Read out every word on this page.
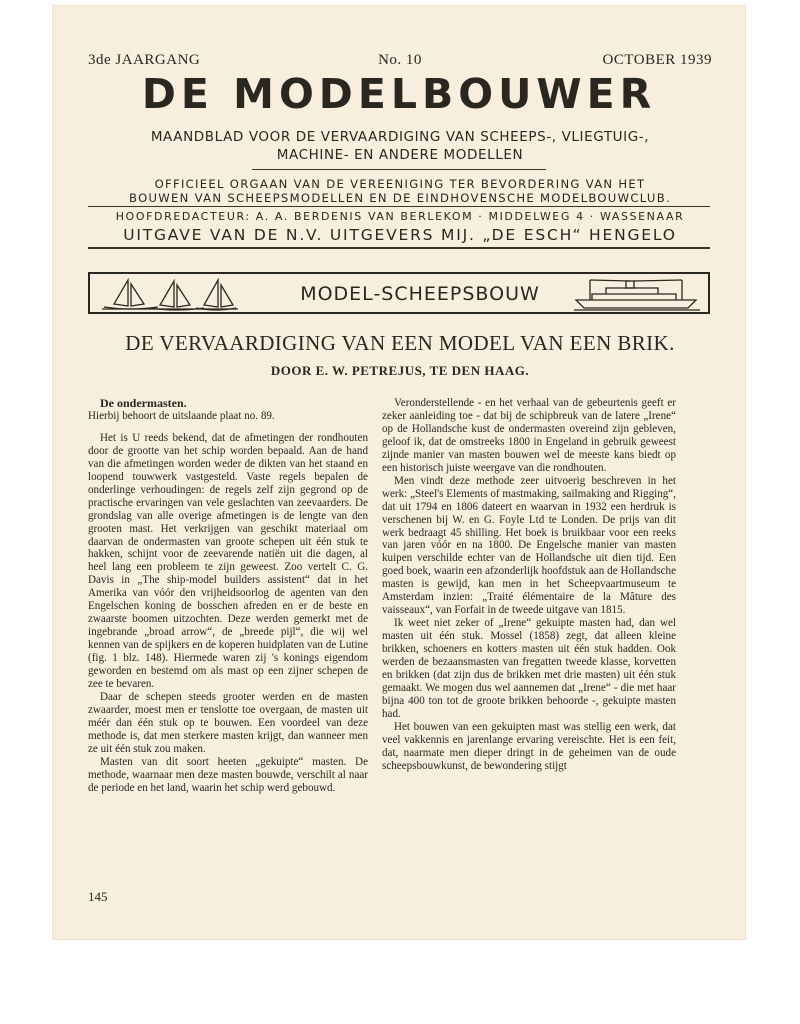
3de JAARGANG	No. 10	OCTOBER 1939
DE MODELBOUWER
MAANDBLAD VOOR DE VERVAARDIGING VAN SCHEEPS-, VLIEGTUIG-,
MACHINE- EN ANDERE MODELLEN
OFFICIEEL ORGAAN VAN DE VEREENIGING TER BEVORDERING VAN HET
BOUWEN VAN SCHEEPSMODELLEN EN DE EINDHOVENSCHE MODELBOUWCLUB.
HOOFDREDACTEUR: A. A. BERDENIS VAN BERLEKOM · MIDDELWEG 4 · WASSENAAR
UITGAVE VAN DE N.V. UITGEVERS MIJ. „DE ESCH“ HENGELO
MODEL-SCHEEPSBOUW
DE VERVAARDIGING VAN EEN MODEL VAN EEN BRIK.
DOOR E. W. PETREJUS, TE DEN HAAG.

De ondermasten.

Hierbij behoort de uitslaande plaat no. 89.

Het is U reeds bekend, dat de afmetingen der rondhouten door de grootte van het schip worden bepaald. Aan de hand van die afmetingen worden weder de dikten van het staand en loopend touwwerk vastgesteld. Vaste regels bepalen de onderlinge verhoudingen: de regels zelf zijn gegrond op de practische ervaringen van vele geslachten van zeevaarders. De grondslag van alle overige afmetingen is de lengte van den grooten mast. Het verkrijgen van geschikt materiaal om daarvan de ondermasten van groote schepen uit één stuk te hakken, schijnt voor de zeevarende natiën uit die dagen, al heel lang een probleem te zijn geweest. Zoo vertelt C. G. Davis in „The ship-model builders assistent“ dat in het Amerika van vóór den vrijheidsoorlog de agenten van den Engelschen koning de bosschen afreden en er de beste en zwaarste boomen uitzochten. Deze werden gemerkt met de ingebrande „broad arrow“, de „breede pijl“, die wij wel kennen van de spijkers en de koperen huidplaten van de Lutine (fig. 1 blz. 148). Hiermede waren zij 's konings eigendom geworden en bestemd om als mast op een zijner schepen de zee te bevaren.

Daar de schepen steeds grooter werden en de masten zwaarder, moest men er tenslotte toe overgaan, de masten uit méér dan één stuk op te bouwen. Een voordeel van deze methode is, dat men sterkere masten krijgt, dan wanneer men ze uit één stuk zou maken.

Masten van dit soort heeten „gekuipte“ masten. De methode, waarnaar men deze masten bouwde, verschilt al naar de periode en het land, waarin het schip werd gebouwd.

Veronderstellende - en het verhaal van de gebeurtenis geeft er zeker aanleiding toe - dat bij de schipbreuk van de latere „Irene“ op de Hollandsche kust de ondermasten overeind zijn gebleven, geloof ik, dat de omstreeks 1800 in Engeland in gebruik geweest zijnde manier van masten bouwen wel de meeste kans biedt op een historisch juiste weergave van die rondhouten.

Men vindt deze methode zeer uitvoerig beschreven in het werk: „Steel's Elements of mastmaking, sailmaking and Rigging“, dat uit 1794 en 1806 dateert en waarvan in 1932 een herdruk is verschenen bij W. en G. Foyle Ltd te Londen. De prijs van dit werk bedraagt 45 shilling. Het boek is bruikbaar voor een reeks van jaren vóór en na 1800. De Engelsche manier van masten kuipen verschilde echter van de Hollandsche uit dien tijd. Een goed boek, waarin een afzonderlijk hoofdstuk aan de Hollandsche masten is gewijd, kan men in het Scheepvaartmuseum te Amsterdam inzien: „Traité élémentaire de la Mâture des vaisseaux“, van Forfait in de tweede uitgave van 1815.

Ik weet niet zeker of „Irene“ gekuipte masten had, dan wel masten uit één stuk. Mossel (1858) zegt, dat alleen kleine brikken, schoeners en kotters masten uit één stuk hadden. Ook werden de bezaansmasten van fregatten tweede klasse, korvetten en brikken (dat zijn dus de brikken met drie masten) uit één stuk gemaakt. We mogen dus wel aannemen dat „Irene“ - die met haar bijna 400 ton tot de groote brikken behoorde -, gekuipte masten had.

Het bouwen van een gekuipten mast was stellig een werk, dat veel vakkennis en jarenlange ervaring vereischte. Het is een feit, dat, naarmate men dieper dringt in de geheimen van de oude scheepsbouwkunst, de bewondering stijgt

145
